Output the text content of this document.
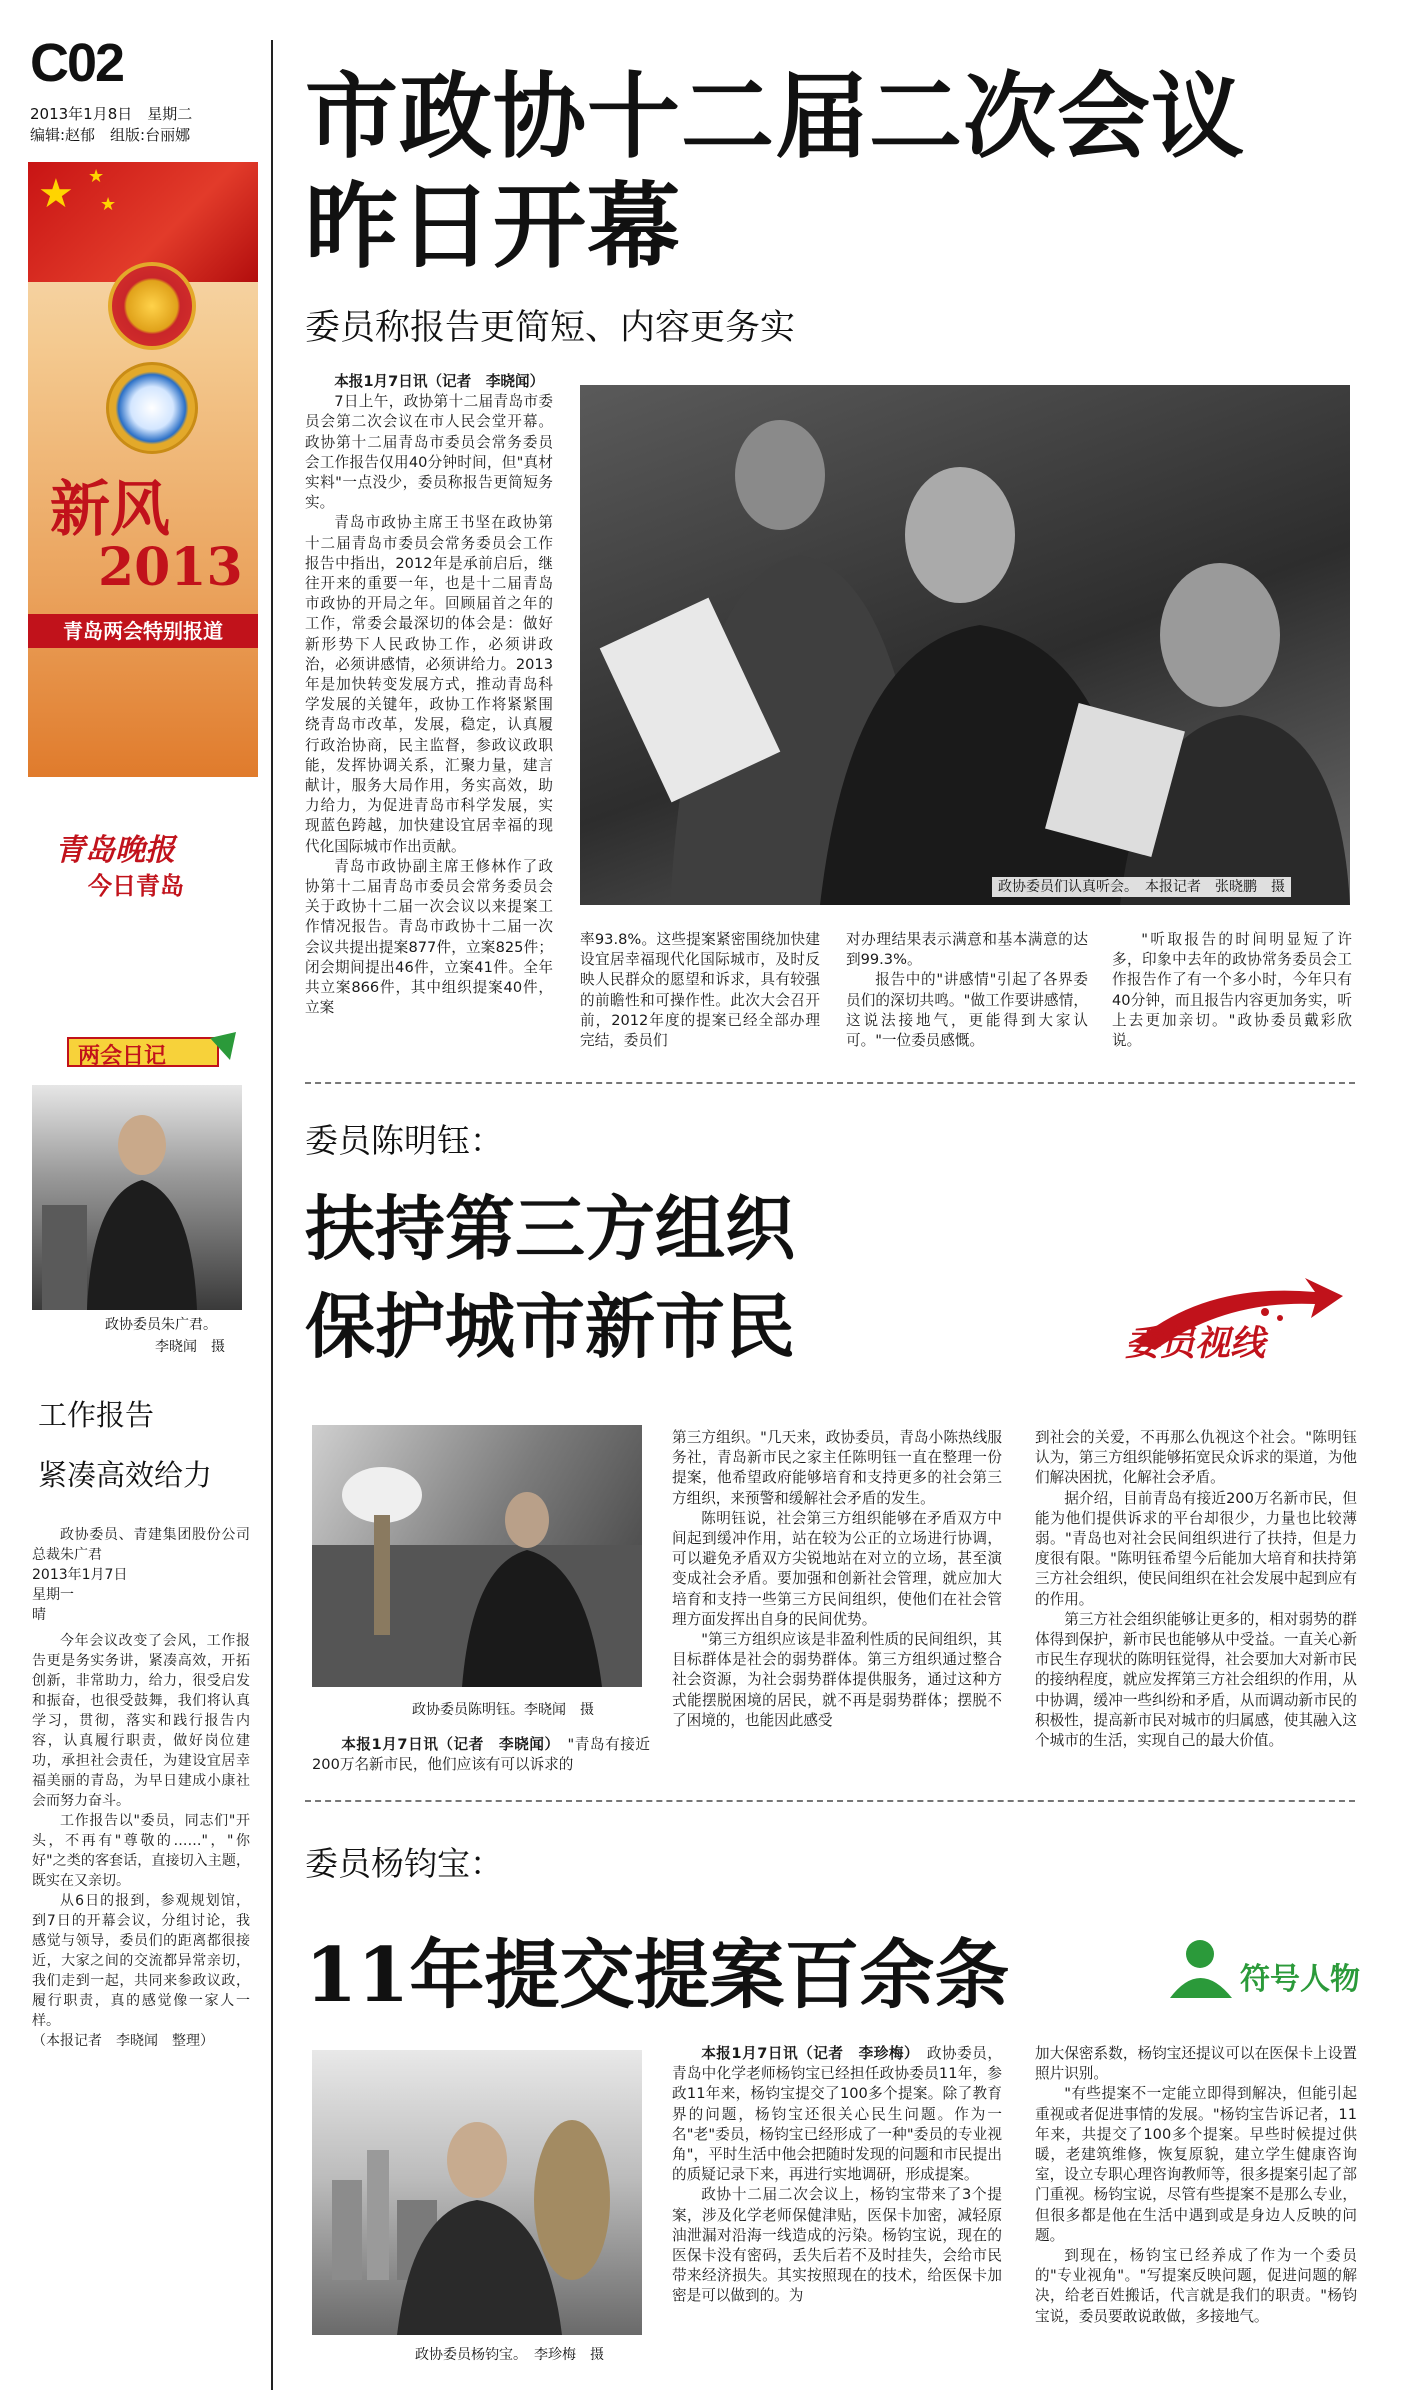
C02
2013年1月8日　星期二
编辑:赵郁　组版:台丽娜
★ ★
★
新风
2013
青岛两会特别报道
青岛晚报
今日青岛
两会日记
政协委员朱广君。
李晓闻　摄
工作报告
紧凑高效给力

政协委员、青建集团股份公司总裁朱广君

2013年1月7日
星期一
晴

今年会议改变了会风，工作报告更是务实务讲，紧凑高效，开拓创新，非常助力，给力，很受启发和振奋，也很受鼓舞，我们将认真学习，贯彻，落实和践行报告内容，认真履行职责，做好岗位建功，承担社会责任，为建设宜居幸福美丽的青岛，为早日建成小康社会而努力奋斗。

工作报告以"委员，同志们"开头，不再有"尊敬的……"，"你好"之类的客套话，直接切入主题，既实在又亲切。

从6日的报到，参观规划馆，到7日的开幕会议，分组讨论，我感觉与领导，委员们的距离都很接近，大家之间的交流都异常亲切，我们走到一起，共同来参政议政，履行职责，真的感觉像一家人一样。

（本报记者　李晓闻　整理）
市政协十二届二次会议
昨日开幕
委员称报告更简短、内容更务实

本报1月7日讯（记者　李晓闻）

7日上午，政协第十二届青岛市委员会第二次会议在市人民会堂开幕。政协第十二届青岛市委员会常务委员会工作报告仅用40分钟时间，但"真材实料"一点没少，委员称报告更简短务实。

青岛市政协主席王书坚在政协第十二届青岛市委员会常务委员会工作报告中指出，2012年是承前启后，继往开来的重要一年，也是十二届青岛市政协的开局之年。回顾届首之年的工作，常委会最深切的体会是：做好新形势下人民政协工作，必须讲政治，必须讲感情，必须讲给力。2013年是加快转变发展方式，推动青岛科学发展的关键年，政协工作将紧紧围绕青岛市改革，发展，稳定，认真履行政治协商，民主监督，参政议政职能，发挥协调关系，汇聚力量，建言献计，服务大局作用，务实高效，助力给力，为促进青岛市科学发展，实现蓝色跨越，加快建设宜居幸福的现代化国际城市作出贡献。

青岛市政协副主席王修林作了政协第十二届青岛市委员会常务委员会关于政协十二届一次会议以来提案工作情况报告。青岛市政协十二届一次会议共提出提案877件，立案825件；闭会期间提出46件，立案41件。全年共立案866件，其中组织提案40件，立案

政协委员们认真听会。　本报记者　张晓鹏　摄

率93.8%。这些提案紧密围绕加快建设宜居幸福现代化国际城市，及时反映人民群众的愿望和诉求，具有较强的前瞻性和可操作性。此次大会召开前，2012年度的提案已经全部办理完结，委员们

对办理结果表示满意和基本满意的达到99.3%。

报告中的"讲感情"引起了各界委员们的深切共鸣。"做工作要讲感情，这说法接地气，更能得到大家认可。"一位委员感慨。

"听取报告的时间明显短了许多，印象中去年的政协常务委员会工作报告作了有一个多小时，今年只有40分钟，而且报告内容更加务实，听上去更加亲切。"政协委员戴彩欣说。

委员陈明钰：
扶持第三方组织
保护城市新市民	委员视线
政协委员陈明钰。李晓闻　摄

本报1月7日讯（记者　李晓闻）　 "青岛有接近200万名新市民，他们应该有可以诉求的

第三方组织。"几天来，政协委员，青岛小陈热线服务社，青岛新市民之家主任陈明钰一直在整理一份提案，他希望政府能够培育和支持更多的社会第三方组织，来预警和缓解社会矛盾的发生。

陈明钰说，社会第三方组织能够在矛盾双方中间起到缓冲作用，站在较为公正的立场进行协调，可以避免矛盾双方尖锐地站在对立的立场，甚至演变成社会矛盾。要加强和创新社会管理，就应加大培育和支持一些第三方民间组织，使他们在社会管理方面发挥出自身的民间优势。

"第三方组织应该是非盈利性质的民间组织，其目标群体是社会的弱势群体。第三方组织通过整合社会资源，为社会弱势群体提供服务，通过这种方式能摆脱困境的居民，就不再是弱势群体；摆脱不了困境的，也能因此感受

到社会的关爱，不再那么仇视这个社会。"陈明钰认为，第三方组织能够拓宽民众诉求的渠道，为他们解决困扰，化解社会矛盾。

据介绍，目前青岛有接近200万名新市民，但能为他们提供诉求的平台却很少，力量也比较薄弱。"青岛也对社会民间组织进行了扶持，但是力度很有限。"陈明钰希望今后能加大培育和扶持第三方社会组织，使民间组织在社会发展中起到应有的作用。

第三方社会组织能够让更多的，相对弱势的群体得到保护，新市民也能够从中受益。一直关心新市民生存现状的陈明钰觉得，社会要加大对新市民的接纳程度，就应发挥第三方社会组织的作用，从中协调，缓冲一些纠纷和矛盾，从而调动新市民的积极性，提高新市民对城市的归属感，使其融入这个城市的生活，实现自己的最大价值。

委员杨钧宝：
11年提交提案百余条	符号人物
政协委员杨钧宝。　李珍梅　摄

本报1月7日讯（记者　李珍梅）　 政协委员，青岛中化学老师杨钧宝已经担任政协委员11年，参政11年来，杨钧宝提交了100多个提案。除了教育界的问题，杨钧宝还很关心民生问题。作为一名"老"委员，杨钧宝已经形成了一种"委员的专业视角"，平时生活中他会把随时发现的问题和市民提出的质疑记录下来，再进行实地调研，形成提案。

政协十二届二次会议上，杨钧宝带来了3个提案，涉及化学老师保健津贴，医保卡加密，减轻原油泄漏对沿海一线造成的污染。杨钧宝说，现在的医保卡没有密码，丢失后若不及时挂失，会给市民带来经济损失。其实按照现在的技术，给医保卡加密是可以做到的。为

加大保密系数，杨钧宝还提议可以在医保卡上设置照片识别。

"有些提案不一定能立即得到解决，但能引起重视或者促进事情的发展。"杨钧宝告诉记者，11年来，共提交了100多个提案。早些时候提过供暖，老建筑维修，恢复原貌，建立学生健康咨询室，设立专职心理咨询教师等，很多提案引起了部门重视。杨钧宝说，尽管有些提案不是那么专业，但很多都是他在生活中遇到或是身边人反映的问题。

到现在，杨钧宝已经养成了作为一个委员的"专业视角"。"写提案反映问题，促进问题的解决，给老百姓搬话，代言就是我们的职责。"杨钧宝说，委员要敢说敢做，多接地气。
